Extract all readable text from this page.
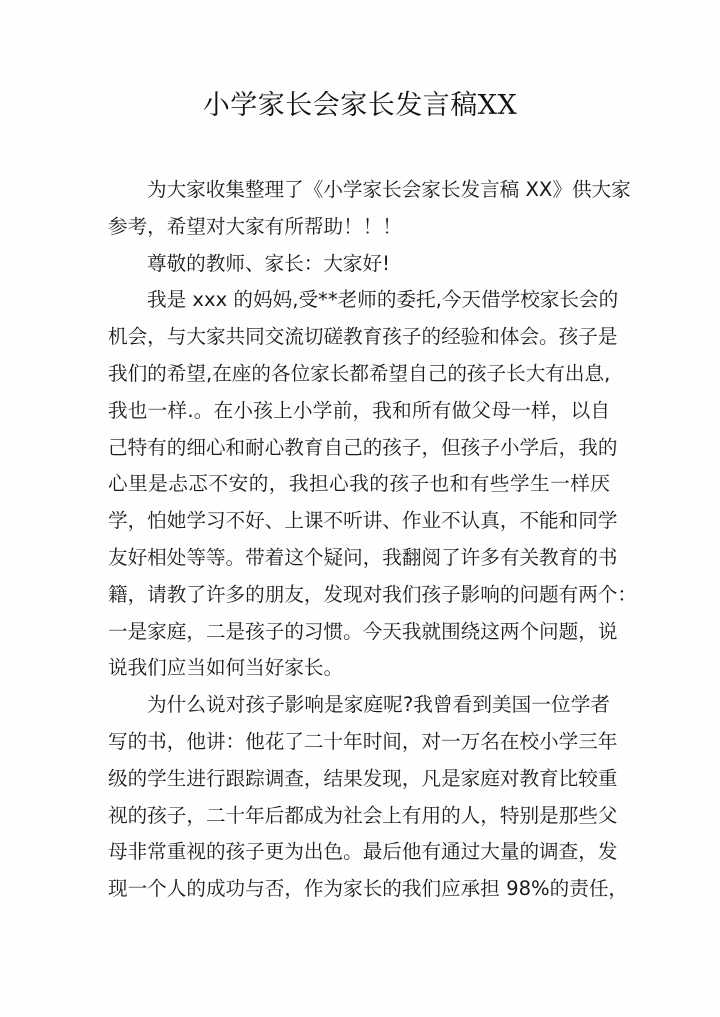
小学家长会家长发言稿XX
为大家收集整理了《小学家长会家长发言稿 XX》供大家
参考，希望对大家有所帮助！！！
尊敬的教师、家长：大家好!
我是 xxx 的妈妈,受**老师的委托,今天借学校家长会的
机会，与大家共同交流切磋教育孩子的经验和体会。孩子是
我们的希望,在座的各位家长都希望自己的孩子长大有出息,
我也一样.。在小孩上小学前，我和所有做父母一样，以自
己特有的细心和耐心教育自己的孩子，但孩子小学后，我的
心里是忐忑不安的，我担心我的孩子也和有些学生一样厌
学，怕她学习不好、上课不听讲、作业不认真，不能和同学
友好相处等等。带着这个疑问，我翻阅了许多有关教育的书
籍，请教了许多的朋友，发现对我们孩子影响的问题有两个：
一是家庭，二是孩子的习惯。今天我就围绕这两个问题，说
说我们应当如何当好家长。
为什么说对孩子影响是家庭呢?我曾看到美国一位学者
写的书，他讲：他花了二十年时间，对一万名在校小学三年
级的学生进行跟踪调查，结果发现，凡是家庭对教育比较重
视的孩子，二十年后都成为社会上有用的人，特别是那些父
母非常重视的孩子更为出色。最后他有通过大量的调查，发
现一个人的成功与否，作为家长的我们应承担 98%的责任，
